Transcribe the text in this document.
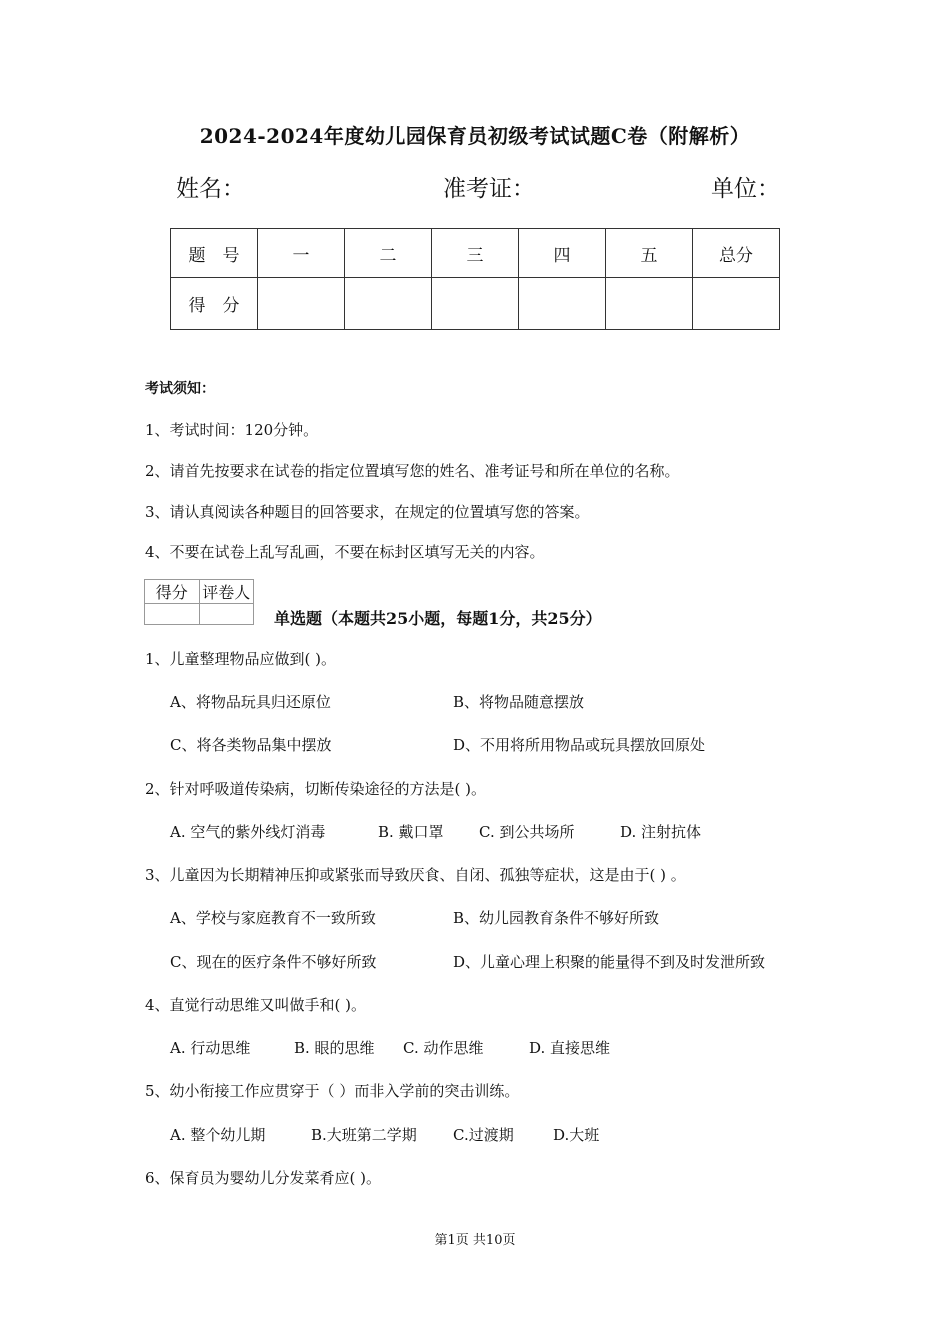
2024-2024年度幼儿园保育员初级考试试题C卷（附解析）
姓名：	准考证：	单位：
题　号	一	二	三	四	五	总分
得　分						
考试须知：
1、考试时间：120分钟。
2、请首先按要求在试卷的指定位置填写您的姓名、准考证号和所在单位的名称。
3、请认真阅读各种题目的回答要求，在规定的位置填写您的答案。
4、不要在试卷上乱写乱画，不要在标封区填写无关的内容。
得分	评卷人

单选题（本题共25小题，每题1分，共25分）
1、儿童整理物品应做到( )。
A、将物品玩具归还原位	B、将物品随意摆放
C、将各类物品集中摆放	D、不用将所用物品或玩具摆放回原处
2、针对呼吸道传染病，切断传染途径的方法是( )。
A. 空气的紫外线灯消毒	B. 戴口罩 C. 到公共场所	D. 注射抗体
3、儿童因为长期精神压抑或紧张而导致厌食、自闭、孤独等症状，这是由于( ) 。
A、学校与家庭教育不一致所致	B、幼儿园教育条件不够好所致
C、现在的医疗条件不够好所致	D、儿童心理上积聚的能量得不到及时发泄所致
4、直觉行动思维又叫做手和( )。
A. 行动思维	B. 眼的思维 C. 动作思维	D. 直接思维
5、幼小衔接工作应贯穿于（ ）而非入学前的突击训练。
A. 整个幼儿期	B.大班第二学期 C.过渡期	D.大班
6、保育员为婴幼儿分发菜肴应( )。
第1页 共10页
